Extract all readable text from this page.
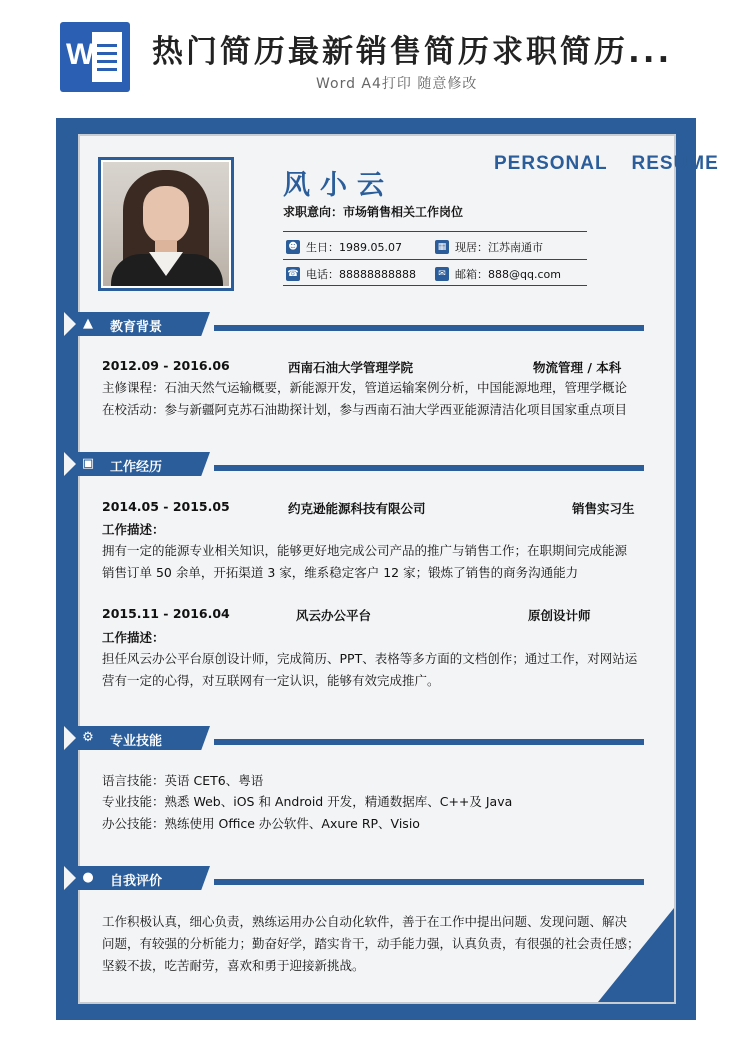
W 热门简历最新销售简历求职简历...
Word A4打印 随意修改
风小云
PERSONAL RESUME
求职意向：市场销售相关工作岗位
☻ 生日：1989.05.07	▦ 现居：江苏南通市
☎ 电话：88888888888	✉ 邮箱：888@qq.com
▲ 教育背景
2012.09 - 2016.06	西南石油大学管理学院	物流管理 / 本科
主修课程：石油天然气运输概要，新能源开发，管道运输案例分析，中国能源地理，管理学概论
在校活动：参与新疆阿克苏石油勘探计划，参与西南石油大学西亚能源清洁化项目国家重点项目
▣ 工作经历
2014.05 - 2015.05	约克逊能源科技有限公司	销售实习生
工作描述：
拥有一定的能源专业相关知识，能够更好地完成公司产品的推广与销售工作；在职期间完成能源
销售订单 50 余单，开拓渠道 3 家，维系稳定客户 12 家；锻炼了销售的商务沟通能力
2015.11 - 2016.04	风云办公平台	原创设计师
工作描述：
担任风云办公平台原创设计师，完成简历、PPT、表格等多方面的文档创作；通过工作，对网站运
营有一定的心得，对互联网有一定认识，能够有效完成推广。
⚙ 专业技能
语言技能：英语 CET6、粤语
专业技能：熟悉 Web、iOS 和 Android 开发，精通数据库、C++及 Java
办公技能：熟练使用 Office 办公软件、Axure RP、Visio
● 自我评价
工作积极认真，细心负责，熟练运用办公自动化软件，善于在工作中提出问题、发现问题、解决
问题，有较强的分析能力；勤奋好学，踏实肯干，动手能力强，认真负责，有很强的社会责任感；
坚毅不拔，吃苦耐劳，喜欢和勇于迎接新挑战。
